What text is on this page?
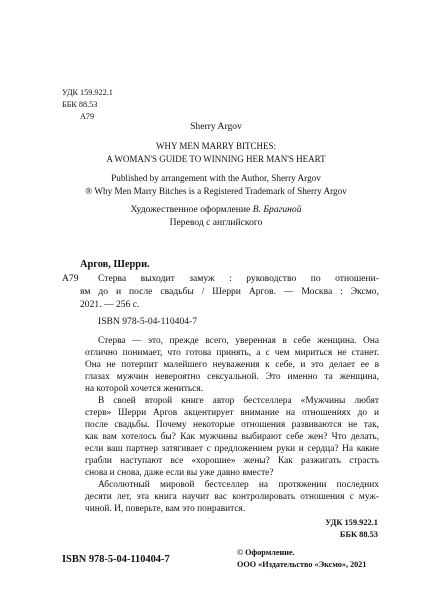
УДК 159.922.1
ББК 88.53
А79
Sherry Argov
WHY MEN MARRY BITCHES:
A WOMAN'S GUIDE TO WINNING HER MAN'S HEART
Published by arrangement with the Author, Sherry Argov
® Why Men Marry Bitches is a Registered Trademark of Sherry Argov
Художественное оформление В. Брагиной
Перевод с английского
Аргов, Шерри.
А79 Стерва выходит замуж : руководство по отношени-
ям до и после свадьбы / Шерри Аргов. — Москва : Эксмо,
2021. — 256 с.
ISBN 978-5-04-110404-7
Стерва — это, прежде всего, уверенная в себе женщина. Она
отлично понимает, что готова принять, а с чем мириться не станет.
Она не потерпит малейшего неуважения к себе, и это делает ее в
глазах мужчин невероятно сексуальной. Это именно та женщина,
на которой хочется жениться.
В своей второй книге автор бестселлера «Мужчины любят
стерв» Шерри Аргов акцентирует внимание на отношениях до и
после свадьбы. Почему некоторые отношения развиваются не так,
как вам хотелось бы? Как мужчины выбирают себе жен? Что делать,
если ваш партнер затягивает с предложением руки и сердца? На какие
грабли наступают все «хорошие» жены? Как разжигать страсть
снова и снова, даже если вы уже давно вместе?
Абсолютный мировой бестселлер на протяжении последних
десяти лет, эта книга научит вас контролировать отношения с муж-
чиной. И, поверьте, вам это понравится.
УДК 159.922.1
ББК 88.53
ISBN 978-5-04-110404-7
© Оформление.
ООО «Издательство «Эксмо», 2021
